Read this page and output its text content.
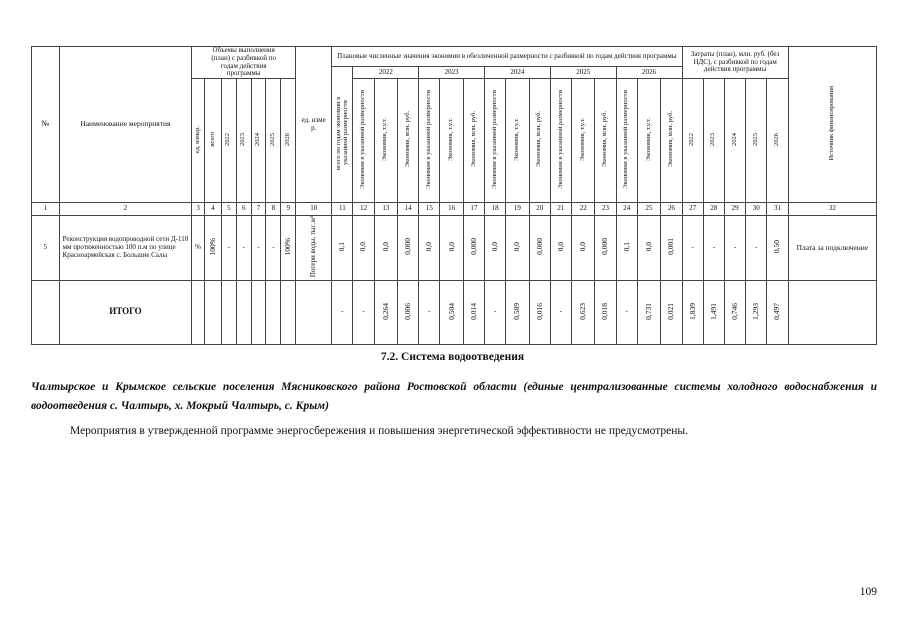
№	Наименование мероприятия	Объемы выполнения (план) с разбивкой по годам действия программы							ед. изме р.	Плановые численные значения экономии в обезличенной размерности с разбивкой по годам действия программы																Затраты (план), млн. руб. (без НДС), с разбивкой по годам действия программы					Источник финансирования
										всего по годам экономии в указанной размерности	2022			2023			2024			2025			2026								
		ед. измер.	всего	2022	2023	2024	2025	2026			Экономия в указанной размерности	Экономия, т.у.т.	Экономия, млн. руб.	Экономия в указанной размерности	Экономия, т.у.т.	Экономия, млн. руб.	Экономия в указанной размерности	Экономия, т.у.т.	Экономия, млн. руб.	Экономия в указанной размерности	Экономия, т.у.т.	Экономия, млн. руб.	Экономия в указанной размерности	Экономия, т.у.т.	Экономия, млн. руб.	2022	2023	2024	2025	2026	
1	2	3	4	5	6	7	8	9	10	11	12	13	14	15	16	17	18	19	20	21	22	23	24	25	26	27	28	29	30	31	32
5	Реконструкция водопроводной сети Д-110 мм протяженностью 100 п.м по улице Красноармейская с. Большие Салы	%	100%	-	-	-	-	100%	Потери воды, тыс.м³	0,1	0,0	0,0	0,000	0,0	0,0	0,000	0,0	0,0	0,000	0,0	0,0	0,000	0,1	0,0	0,001	-	-	-	-	0,50	Плата за подключение
	ИТОГО									-	-	0,264	0,006	-	0,504	0,014	-	0,589	0,016	-	0,623	0,018	-	0,731	0,021	1,839	1,491	0,746	1,293	0,497	
7.2. Система водоотведения
Чалтырское и Крымское сельские поселения Мясниковского района Ростовской области (единые централизованные системы холодного водоснабжения и водоотведения с. Чалтырь, х. Мокрый Чалтырь, с. Крым)
Мероприятия в утвержденной программе энергосбережения и повышения энергетической эффективности не предусмотрены.
109
